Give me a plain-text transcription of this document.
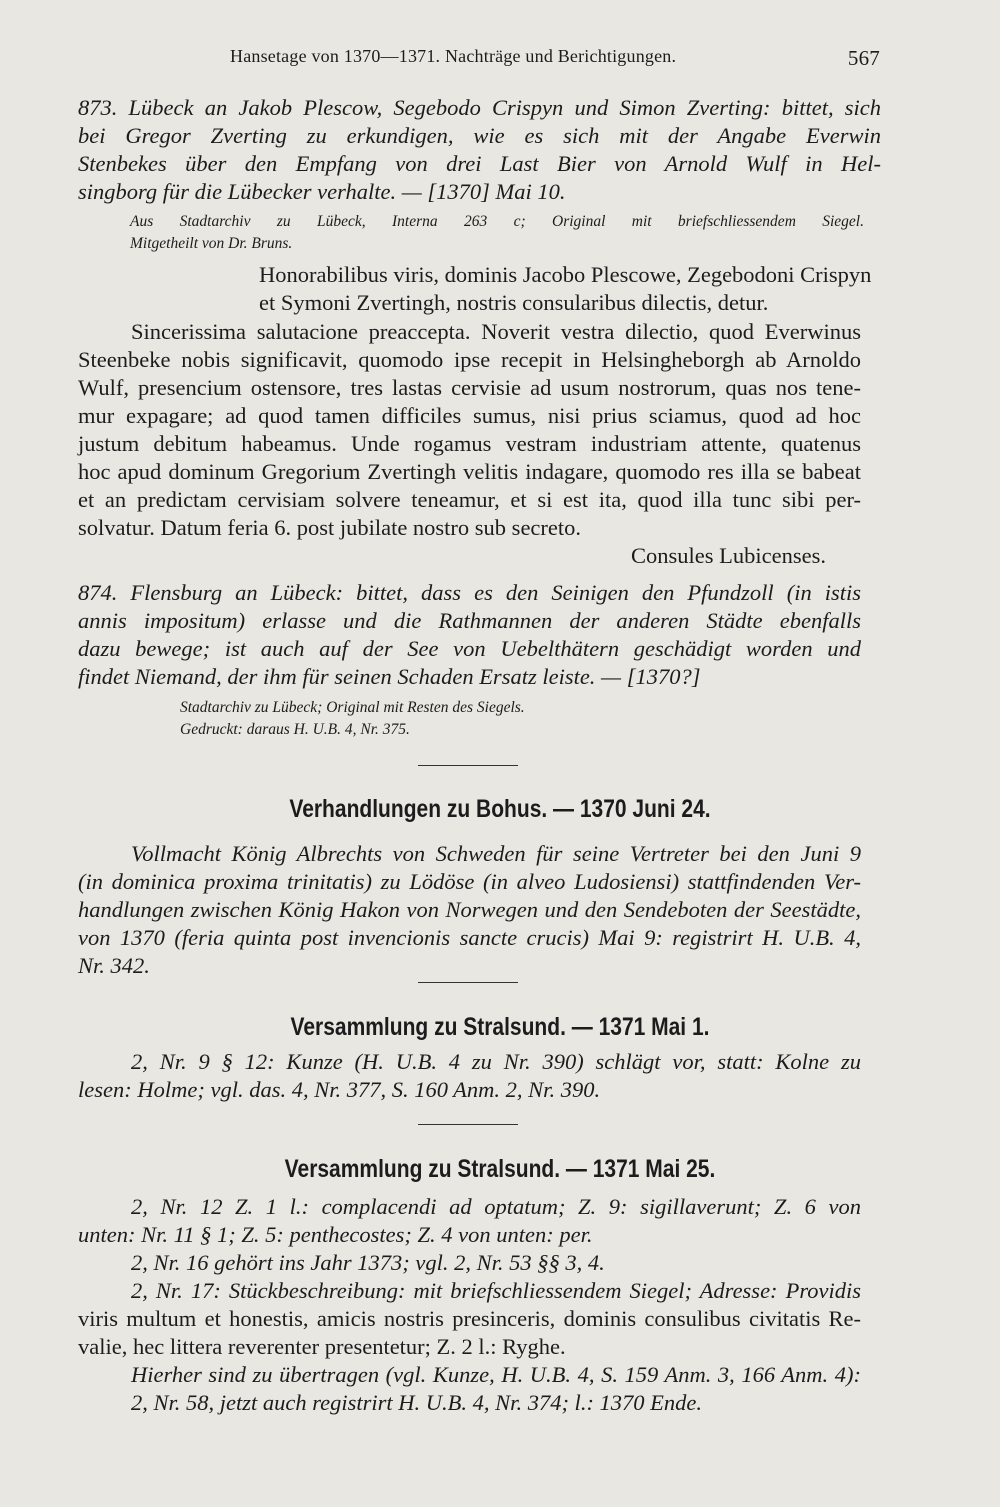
Hansetage von 1370—1371. Nachträge und Berichtigungen.	567
873. Lübeck an Jakob Plescow, Segebodo Crispyn und Simon Zverting: bittet, sich
bei Gregor Zverting zu erkundigen, wie es sich mit der Angabe Everwin
Stenbekes über den Empfang von drei Last Bier von Arnold Wulf in Hel-
singborg für die Lübecker verhalte. — [1370] Mai 10.
Aus Stadtarchiv zu Lübeck, Interna 263 c; Original mit briefschliessendem Siegel.
Mitgetheilt von Dr. Bruns.
Honorabilibus viris, dominis Jacobo Plescowe, Zegebodoni Crispyn
et Symoni Zvertingh, nostris consularibus dilectis, detur.
Sincerissima salutacione preaccepta. Noverit vestra dilectio, quod Everwinus
Steenbeke nobis significavit, quomodo ipse recepit in Helsingheborgh ab Arnoldo
Wulf, presencium ostensore, tres lastas cervisie ad usum nostrorum, quas nos tene-
mur expagare; ad quod tamen difficiles sumus, nisi prius sciamus, quod ad hoc
justum debitum habeamus. Unde rogamus vestram industriam attente, quatenus
hoc apud dominum Gregorium Zvertingh velitis indagare, quomodo res illa se babeat
et an predictam cervisiam solvere teneamur, et si est ita, quod illa tunc sibi per-
solvatur. Datum feria 6. post jubilate nostro sub secreto.
Consules Lubicenses.
874. Flensburg an Lübeck: bittet, dass es den Seinigen den Pfundzoll (in istis
annis impositum) erlasse und die Rathmannen der anderen Städte ebenfalls
dazu bewege; ist auch auf der See von Uebelthätern geschädigt worden und
findet Niemand, der ihm für seinen Schaden Ersatz leiste. — [1370?]
Stadtarchiv zu Lübeck; Original mit Resten des Siegels.
Gedruckt: daraus H. U.B. 4, Nr. 375.
Verhandlungen zu Bohus. — 1370 Juni 24.
Vollmacht König Albrechts von Schweden für seine Vertreter bei den Juni 9
(in dominica proxima trinitatis) zu Lödöse (in alveo Ludosiensi) stattfindenden Ver-
handlungen zwischen König Hakon von Norwegen und den Sendeboten der Seestädte,
von 1370 (feria quinta post invencionis sancte crucis) Mai 9: registrirt H. U.B. 4,
Nr. 342.
Versammlung zu Stralsund. — 1371 Mai 1.
2, Nr. 9 § 12: Kunze (H. U.B. 4 zu Nr. 390) schlägt vor, statt: Kolne zu
lesen: Holme; vgl. das. 4, Nr. 377, S. 160 Anm. 2, Nr. 390.
Versammlung zu Stralsund. — 1371 Mai 25.
2, Nr. 12 Z. 1 l.: complacendi ad optatum; Z. 9: sigillaverunt; Z. 6 von
unten: Nr. 11 § 1; Z. 5: penthecostes; Z. 4 von unten: per.
2, Nr. 16 gehört ins Jahr 1373; vgl. 2, Nr. 53 §§ 3, 4.
2, Nr. 17: Stückbeschreibung: mit briefschliessendem Siegel; Adresse: Providis
viris multum et honestis, amicis nostris presinceris, dominis consulibus civitatis Re-
valie, hec littera reverenter presentetur; Z. 2 l.: Ryghe.
Hierher sind zu übertragen (vgl. Kunze, H. U.B. 4, S. 159 Anm. 3, 166 Anm. 4):
2, Nr. 58, jetzt auch registrirt H. U.B. 4, Nr. 374; l.: 1370 Ende.
